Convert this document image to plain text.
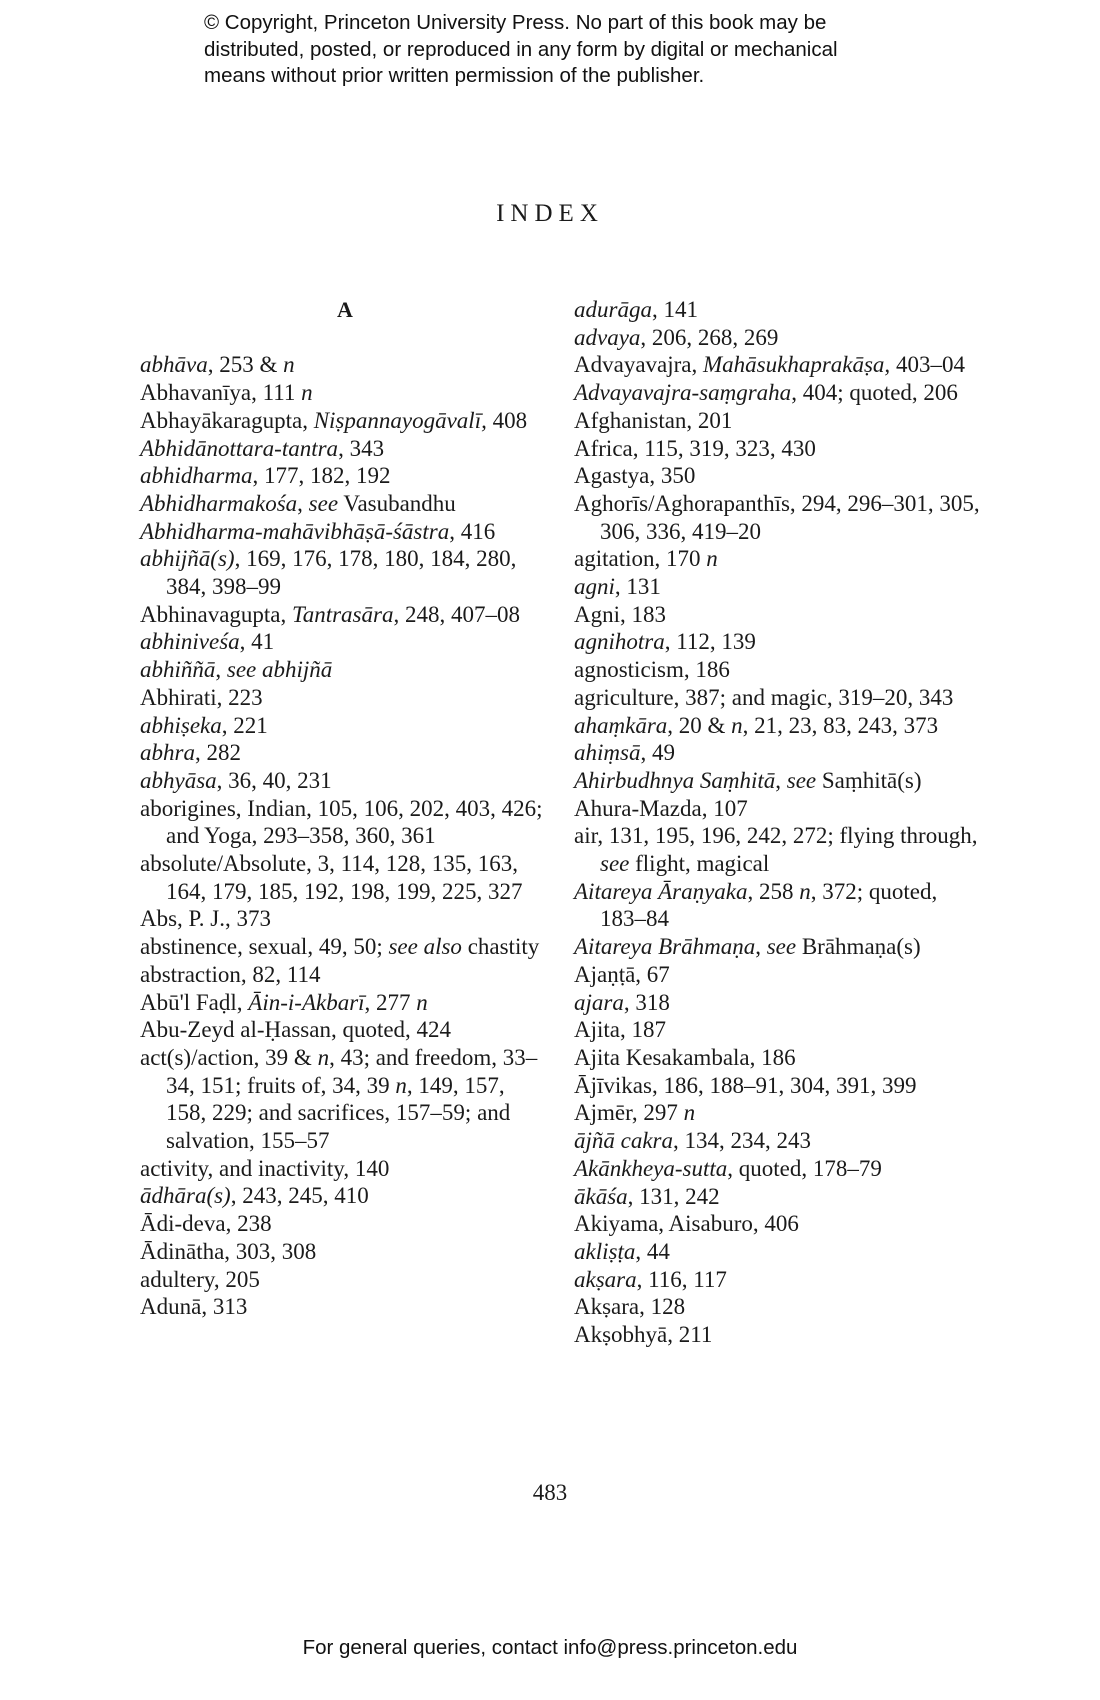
© Copyright, Princeton University Press. No part of this book may be
distributed, posted, or reproduced in any form by digital or mechanical
means without prior written permission of the publisher.
INDEX
A
abhāva, 253 & n
Abhavanīya, 111 n
Abhayākaragupta, Niṣpannayogāvalī, 408
Abhidānottara-tantra, 343
abhidharma, 177, 182, 192
Abhidharmakośa, see Vasubandhu
Abhidharma-mahāvibhāṣā-śāstra, 416
abhijñā(s), 169, 176, 178, 180, 184, 280, 384, 398–99
Abhinavagupta, Tantrasāra, 248, 407–08
abhiniveśa, 41
abhiññā, see abhijñā
Abhirati, 223
abhiṣeka, 221
abhra, 282
abhyāsa, 36, 40, 231
aborigines, Indian, 105, 106, 202, 403, 426; and Yoga, 293–358, 360, 361
absolute/Absolute, 3, 114, 128, 135, 163, 164, 179, 185, 192, 198, 199, 225, 327
Abs, P. J., 373
abstinence, sexual, 49, 50; see also chastity
abstraction, 82, 114
Abū'l Faḍl, Āin-i-Akbarī, 277 n
Abu-Zeyd al-Ḥassan, quoted, 424
act(s)/action, 39 & n, 43; and freedom, 33–34, 151; fruits of, 34, 39 n, 149, 157, 158, 229; and sacrifices, 157–59; and salvation, 155–57
activity, and inactivity, 140
ādhāra(s), 243, 245, 410
Ādi-deva, 238
Ādinātha, 303, 308
adultery, 205
Adunā, 313
adurāga, 141
advaya, 206, 268, 269
Advayavajra, Mahāsukhaprakāṣa, 403–04
Advayavajra-saṃgraha, 404; quoted, 206
Afghanistan, 201
Africa, 115, 319, 323, 430
Agastya, 350
Aghorīs/Aghorapanthīs, 294, 296–301, 305, 306, 336, 419–20
agitation, 170 n
agni, 131
Agni, 183
agnihotra, 112, 139
agnosticism, 186
agriculture, 387; and magic, 319–20, 343
ahaṃkāra, 20 & n, 21, 23, 83, 243, 373
ahiṃsā, 49
Ahirbudhnya Saṃhitā, see Saṃhitā(s)
Ahura-Mazda, 107
air, 131, 195, 196, 242, 272; flying through, see flight, magical
Aitareya Āraṇyaka, 258 n, 372; quoted, 183–84
Aitareya Brāhmaṇa, see Brāhmaṇa(s)
Ajaṇṭā, 67
ajara, 318
Ajita, 187
Ajita Kesakambala, 186
Ājīvikas, 186, 188–91, 304, 391, 399
Ajmēr, 297 n
ājñā cakra, 134, 234, 243
Akānkheya-sutta, quoted, 178–79
ākāśa, 131, 242
Akiyama, Aisaburo, 406
akliṣṭa, 44
akṣara, 116, 117
Akṣara, 128
Akṣobhyā, 211
483
For general queries, contact info@press.princeton.edu
